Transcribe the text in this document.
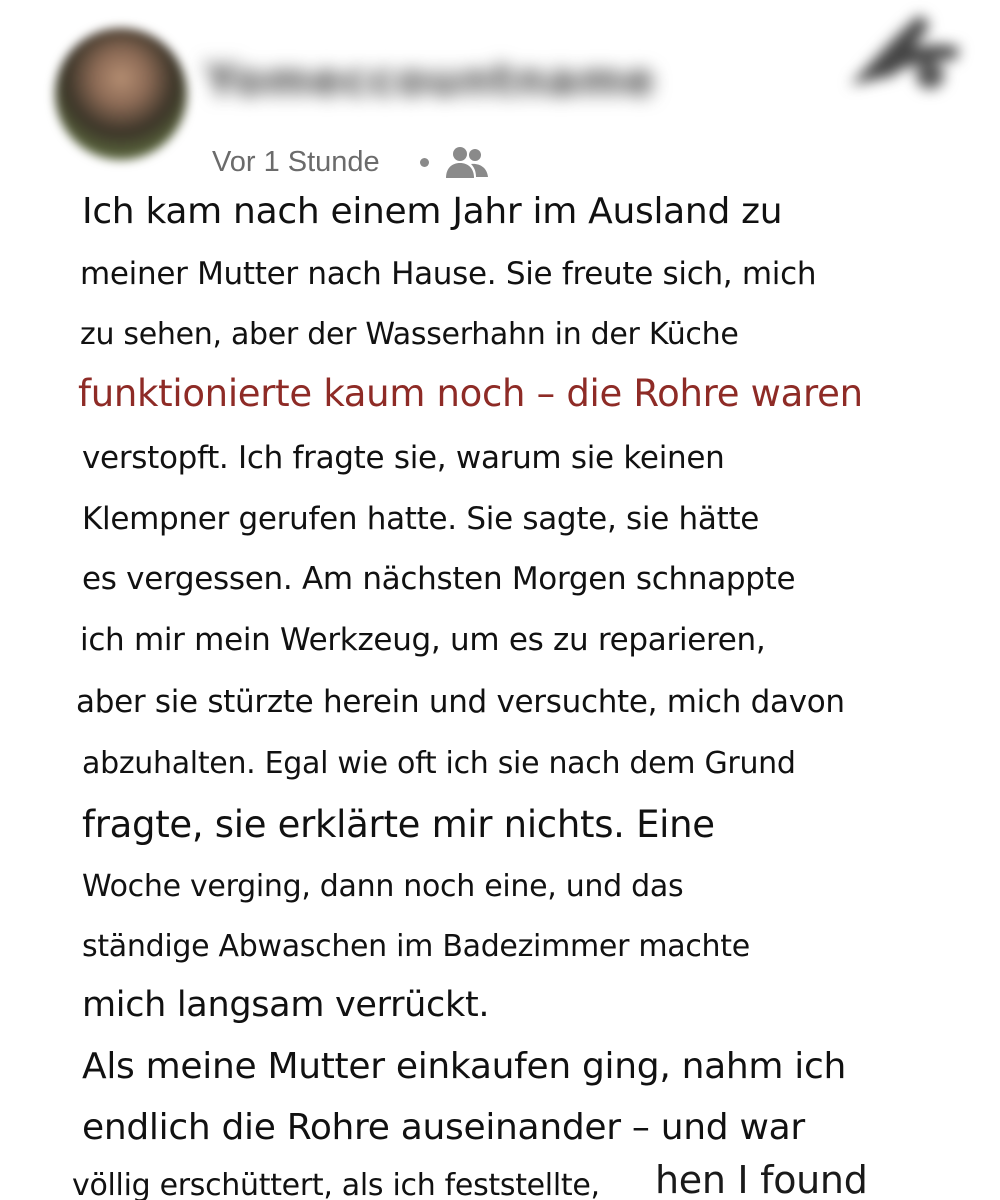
Yomeccountname
Vor 1 Stunde
Ich kam nach einem Jahr im Ausland zu
meiner Mutter nach Hause. Sie freute sich, mich
zu sehen, aber der Wasserhahn in der Küche
funktionierte kaum noch – die Rohre waren
verstopft. Ich fragte sie, warum sie keinen
Klempner gerufen hatte. Sie sagte, sie hätte
es vergessen. Am nächsten Morgen schnappte
ich mir mein Werkzeug, um es zu reparieren,
aber sie stürzte herein und versuchte, mich davon
abzuhalten. Egal wie oft ich sie nach dem Grund
fragte, sie erklärte mir nichts. Eine
Woche verging, dann noch eine, und das
ständige Abwaschen im Badezimmer machte
mich langsam verrückt.
Als meine Mutter einkaufen ging, nahm ich
endlich die Rohre auseinander – und war
völlig erschüttert, als ich feststellte, hen I found
